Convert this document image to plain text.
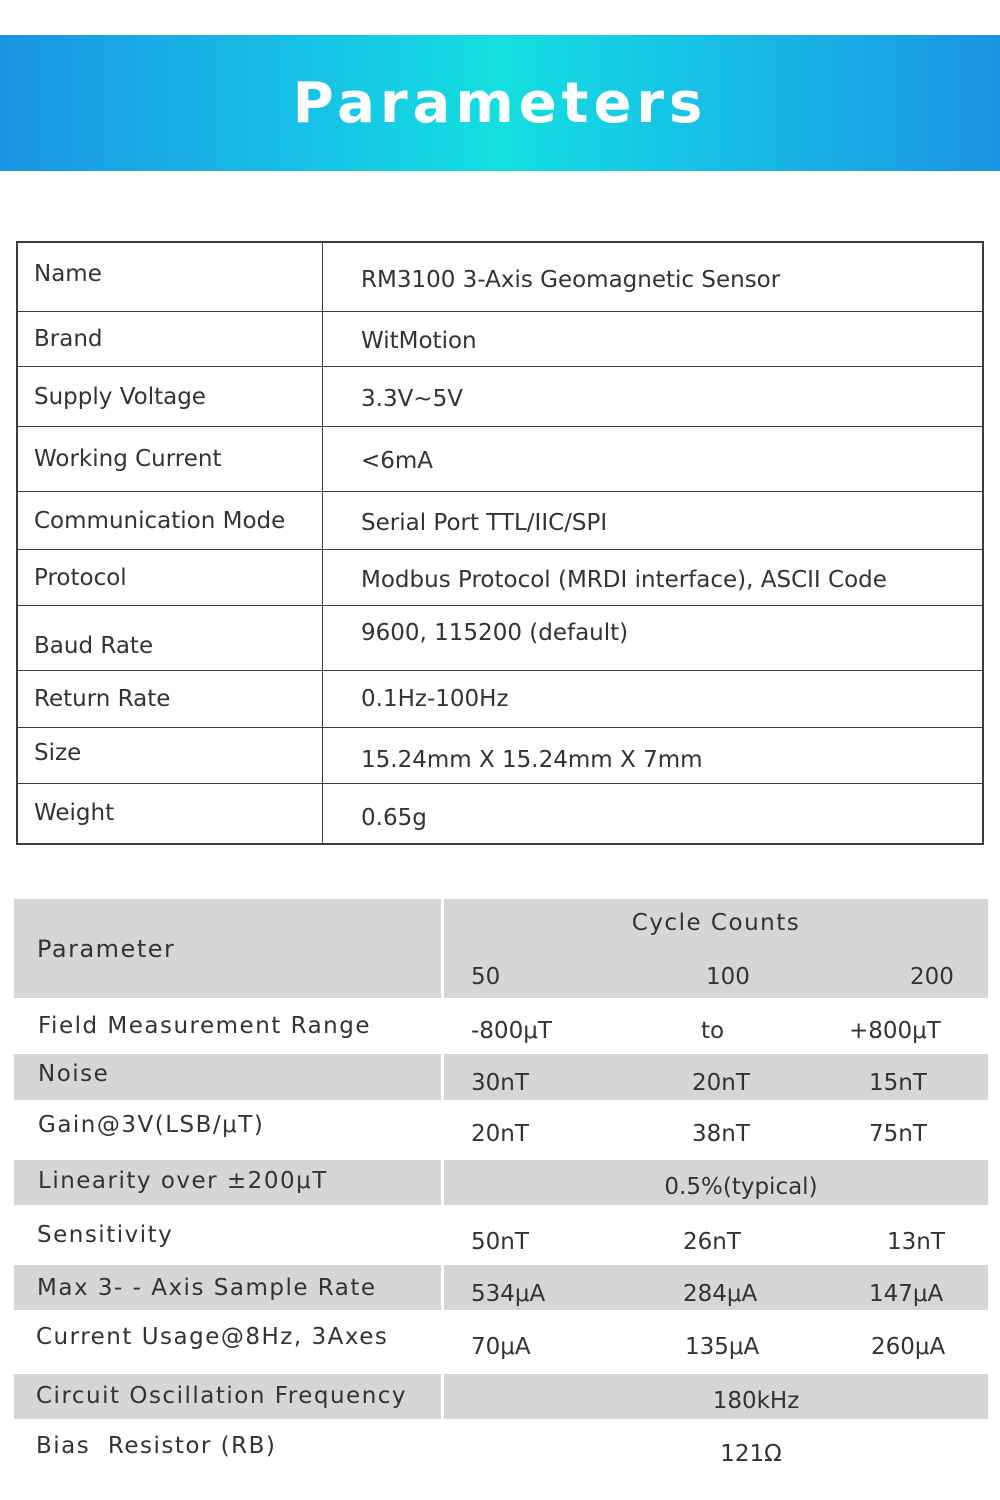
Parameters
Name	RM3100 3-Axis Geomagnetic Sensor
Brand	WitMotion
Supply Voltage	3.3V~5V
Working Current	<6mA
Communication Mode	Serial Port TTL/IIC/SPI
Protocol	Modbus Protocol (MRDI interface), ASCII Code
Baud Rate	9600, 115200 (default)
Return Rate	0.1Hz-100Hz
Size	15.24mm X 15.24mm X 7mm
Weight	0.65g
Parameter
Cycle Counts
50	100	200
Field Measurement Range	-800μT	to	+800μT
Noise	30nT	20nT	15nT
Gain@3V(LSB/μT)	20nT	38nT	75nT
Linearity over ±200μT	0.5%(typical)
Sensitivity	50nT	26nT	13nT
Max 3- - Axis Sample Rate	534μA	284μA	147μA
Current Usage@8Hz, 3Axes	70μA	135μA	260μA
Circuit Oscillation Frequency	180kHz
Bias  Resistor (RB)	121Ω
